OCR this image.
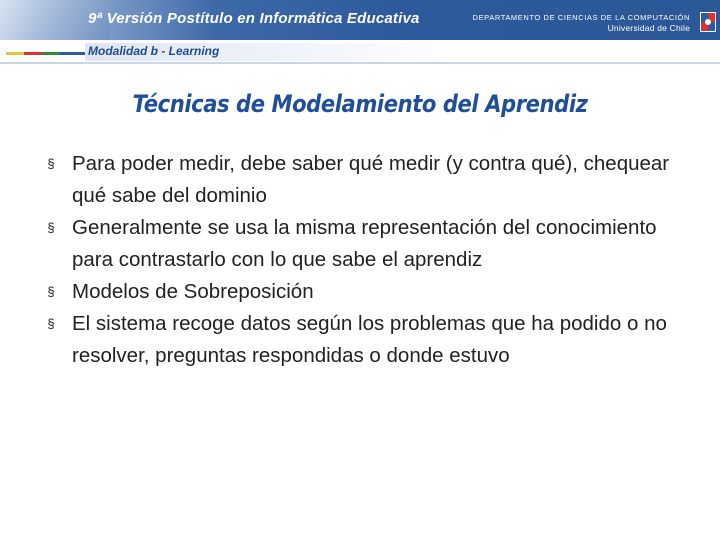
9ª Versión Postítulo en Informática Educativa	DEPARTAMENTO DE CIENCIAS DE LA COMPUTACIÓN
Universidad de Chile
Modalidad b - Learning
Técnicas de Modelamiento del Aprendiz
§ Para poder medir, debe saber qué medir (y contra qué), chequear qué sabe del dominio
§ Generalmente se usa la misma representación del conocimiento para contrastarlo con lo que sabe el aprendiz
§ Modelos de Sobreposición
§ El sistema recoge datos según los problemas que ha podido o no resolver, preguntas respondidas o donde estuvo
